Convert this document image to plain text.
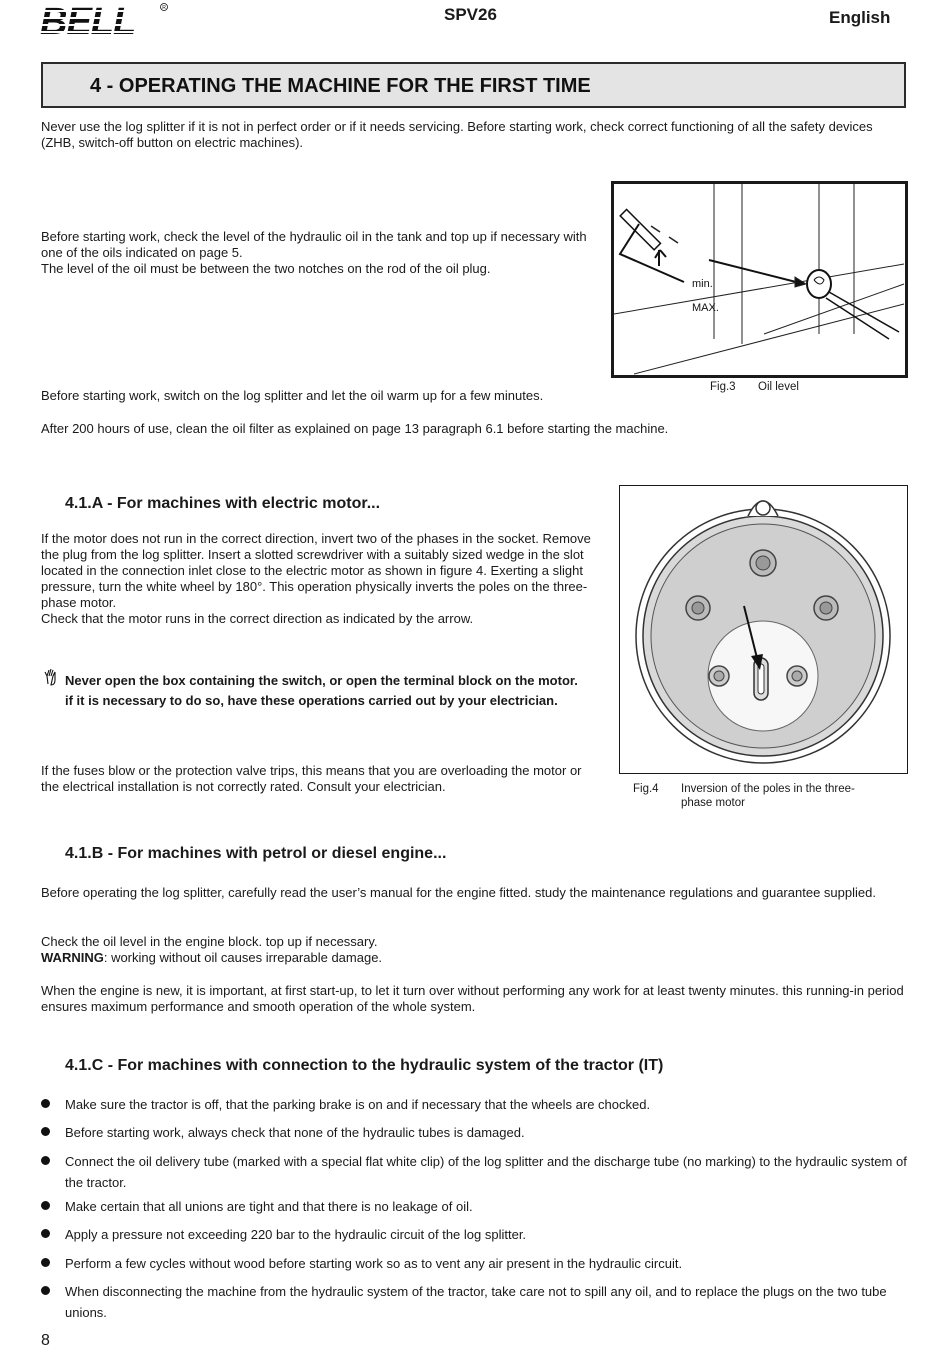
BELL	R	SPV26	English
4 - OPERATING THE MACHINE FOR THE FIRST TIME
Never use the log splitter if it is not in perfect order or if it needs servicing. Before starting work, check correct functioning of all the safety devices (ZHB, switch-off button on electric machines).
Before starting work, check the level of the hydraulic oil in the tank and top up if necessary with one of the oils indicated on page 5.
The level of the oil must be between the two notches on the rod of the oil plug.
min.
MAX.
Fig.3 Oil level
Before starting work, switch on the log splitter and let the oil warm up for a few minutes.
After 200 hours of use, clean the oil filter as explained on page 13 paragraph 6.1 before starting the machine.
4.1.A - For machines with electric motor...
If the motor does not run in the correct direction, invert two of the phases in the socket. Remove the plug from the log splitter. Insert a slotted screwdriver with a suitably sized wedge in the slot located in the connection inlet close to the electric motor as shown in figure 4. Exerting a slight pressure, turn the white wheel by 180°. This operation physically inverts the poles on the three-phase motor.
Check that the motor runs in the correct direction as indicated by the arrow.
Never open the box containing the switch, or open the terminal block on the motor. if it is necessary to do so, have these operations carried out by your electrician.
If the fuses blow or the protection valve trips, this means that you are overloading the motor or the electrical installation is not correctly rated. Consult your electrician.	Fig.4 Inversion of the poles in the three-phase motor
4.1.B - For machines with petrol or diesel engine...
Before operating the log splitter, carefully read the user’s manual for the engine fitted. study the maintenance regulations and guarantee supplied.
Check the oil level in the engine block. top up if necessary.
WARNING: working without oil causes irreparable damage.
When the engine is new, it is important, at first start-up, to let it turn over without performing any work for at least twenty minutes. this running-in period ensures maximum performance and smooth operation of the whole system.
4.1.C - For machines with connection to the hydraulic system of the tractor (IT)
Make sure the tractor is off, that the parking brake is on and if necessary that the wheels are chocked.
Before starting work, always check that none of the hydraulic tubes is damaged.
Connect the oil delivery tube (marked with a special flat white clip) of the log splitter and the discharge tube (no marking) to the hydraulic system of the tractor.
Make certain that all unions are tight and that there is no leakage of oil.
Apply a pressure not exceeding 220 bar to the hydraulic circuit of the log splitter.
Perform a few cycles without wood before starting work so as to vent any air present in the hydraulic circuit.
When disconnecting the machine from the hydraulic system of the tractor, take care not to spill any oil, and to replace the plugs on the two tube unions.
8
